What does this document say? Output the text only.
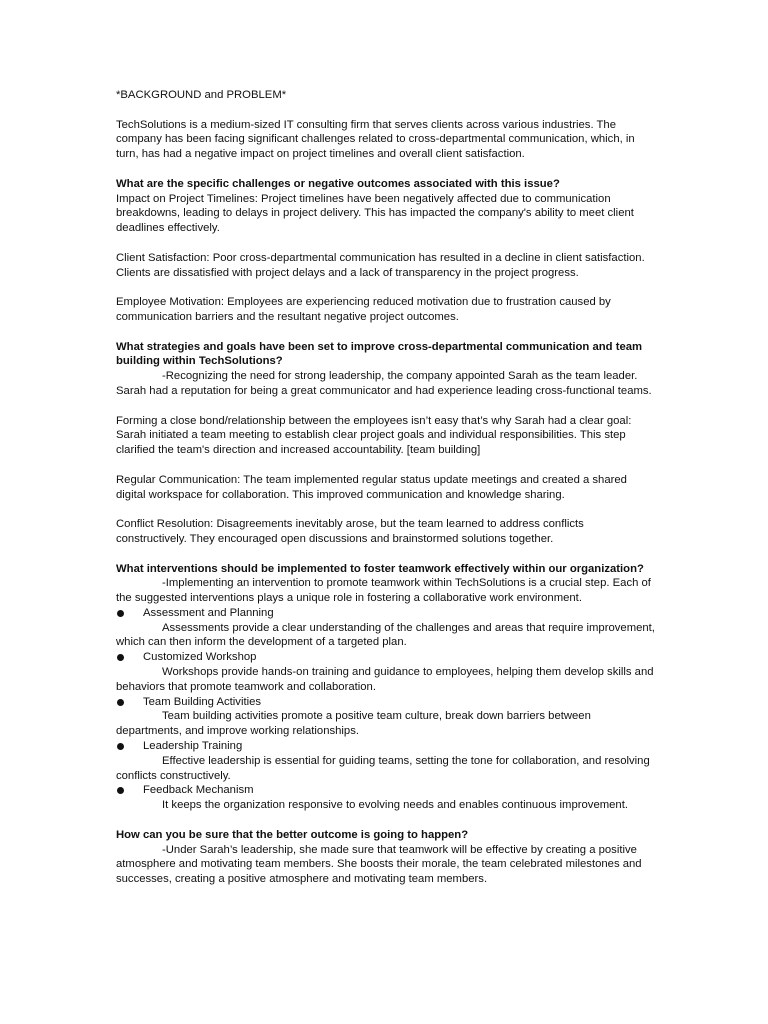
*BACKGROUND and PROBLEM*

TechSolutions is a medium-sized IT consulting firm that serves clients across various industries. The company has been facing significant challenges related to cross-departmental communication, which, in turn, has had a negative impact on project timelines and overall client satisfaction.

What are the specific challenges or negative outcomes associated with this issue?

Impact on Project Timelines: Project timelines have been negatively affected due to communication breakdowns, leading to delays in project delivery. This has impacted the company's ability to meet client deadlines effectively.

Client Satisfaction: Poor cross-departmental communication has resulted in a decline in client satisfaction. Clients are dissatisfied with project delays and a lack of transparency in the project progress.

Employee Motivation: Employees are experiencing reduced motivation due to frustration caused by communication barriers and the resultant negative project outcomes.

What strategies and goals have been set to improve cross-departmental communication and team building within TechSolutions?

-Recognizing the need for strong leadership, the company appointed Sarah as the team leader. Sarah had a reputation for being a great communicator and had experience leading cross-functional teams.

Forming a close bond/relationship between the employees isn’t easy that’s why Sarah had a clear goal: Sarah initiated a team meeting to establish clear project goals and individual responsibilities. This step clarified the team's direction and increased accountability. [team building]

Regular Communication: The team implemented regular status update meetings and created a shared digital workspace for collaboration. This improved communication and knowledge sharing.

Conflict Resolution: Disagreements inevitably arose, but the team learned to address conflicts constructively. They encouraged open discussions and brainstormed solutions together.

What interventions should be implemented to foster teamwork effectively within our organization?

-Implementing an intervention to promote teamwork within TechSolutions is a crucial step. Each of the suggested interventions plays a unique role in fostering a collaborative work environment.

Assessment and Planning

Assessments provide a clear understanding of the challenges and areas that require improvement, which can then inform the development of a targeted plan.

Customized Workshop

Workshops provide hands-on training and guidance to employees, helping them develop skills and behaviors that promote teamwork and collaboration.

Team Building Activities

Team building activities promote a positive team culture, break down barriers between departments, and improve working relationships.

Leadership Training

Effective leadership is essential for guiding teams, setting the tone for collaboration, and resolving conflicts constructively.

Feedback Mechanism

It keeps the organization responsive to evolving needs and enables continuous improvement.

How can you be sure that the better outcome is going to happen?

-Under Sarah’s leadership, she made sure that teamwork will be effective by creating a positive atmosphere and motivating team members. She boosts their morale, the team celebrated milestones and successes, creating a positive atmosphere and motivating team members.
